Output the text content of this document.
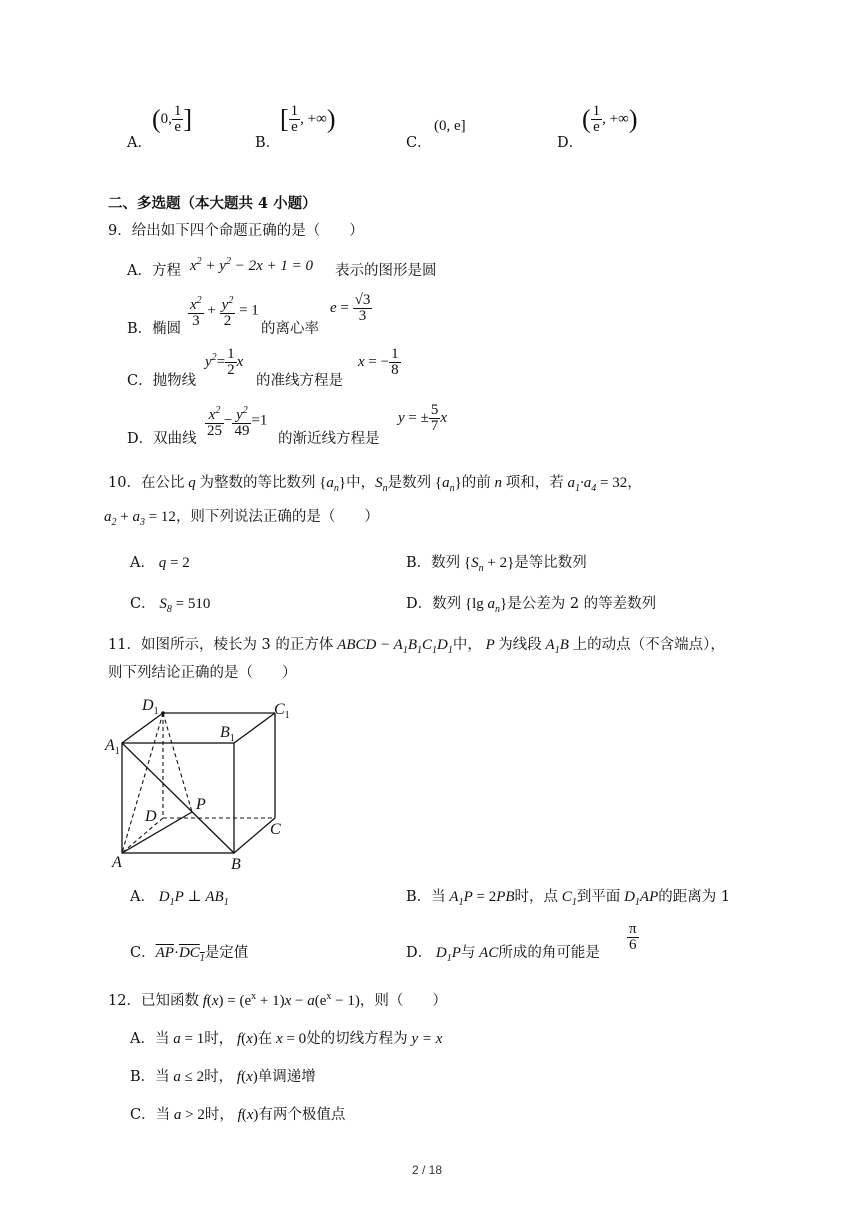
A．
(0, $\frac{1}{e}$ ]
B．
[ $\frac{1}{e}$ , +∞)
C．
(0, e]
D．
( $\frac{1}{e}$ , +∞)
二、多选题（本大题共 4 小题）
9．给出如下四个命题正确的是（　　）
A．方程 $x^2 + y^2 - 2x + 1 = 0$ 表示的图形是圆
B．椭圆 $\frac{x^2}{3} + \frac{y^2}{2} = 1$
的离心率
$e = \frac{√3}{3}$
C．抛物线
$y^2= \frac{1}{2}$ x
的准线方程是
x = − $\frac{1}{8}$
D．双曲线 $\frac{x^2}{25} - \frac{y^2}{49} =1$
的渐近线方程是
y = ± $\frac{5}{7}$ x
10．在公比 q 为整数的等比数列 $\{a_n\}$中，$S_n$是数列 $\{a_n\}$的前 n 项和，若 $a_1\cdot a_4 = 32$，
$a_2 + a_3 = 12$，则下列说法正确的是（　　）
A． q = 2	B．数列 $\{S_n + 2\}$是等比数列
C． $S_8 = 510$	D．数列 {lg $a_n$}是公差为 2 的等差数列
11．如图所示，棱长为 3 的正方体 ABCD − $A_1B_1C_1D_1$中， P 为线段 $A_1B$ 上的动点（不含端点），
则下列结论正确的是（　　）
$D_1$	$C_1$
$A_1$
$B_1$
P
D
C
A	B
A． $D_1P$ ⊥ $AB_1$	B．当 $A_1P = 2PB$时，点 $C_1$到平面 $D_1AP$的距离为 1
C．$\overline{AP}\cdot DC_1$是定值	D． $D_1P$与 AC所成的角可能是 $\frac{\pi}{6}$
12．已知函数 $f(x) = (e^x + 1)x - a(e^x - 1)$，则（　　）
A．当 a = 1时， f(x)在 x = 0处的切线方程为 y = x
B．当 a ≤ 2时， f(x)单调递增
C．当 a > 2时， f(x)有两个极值点
2 / 18
